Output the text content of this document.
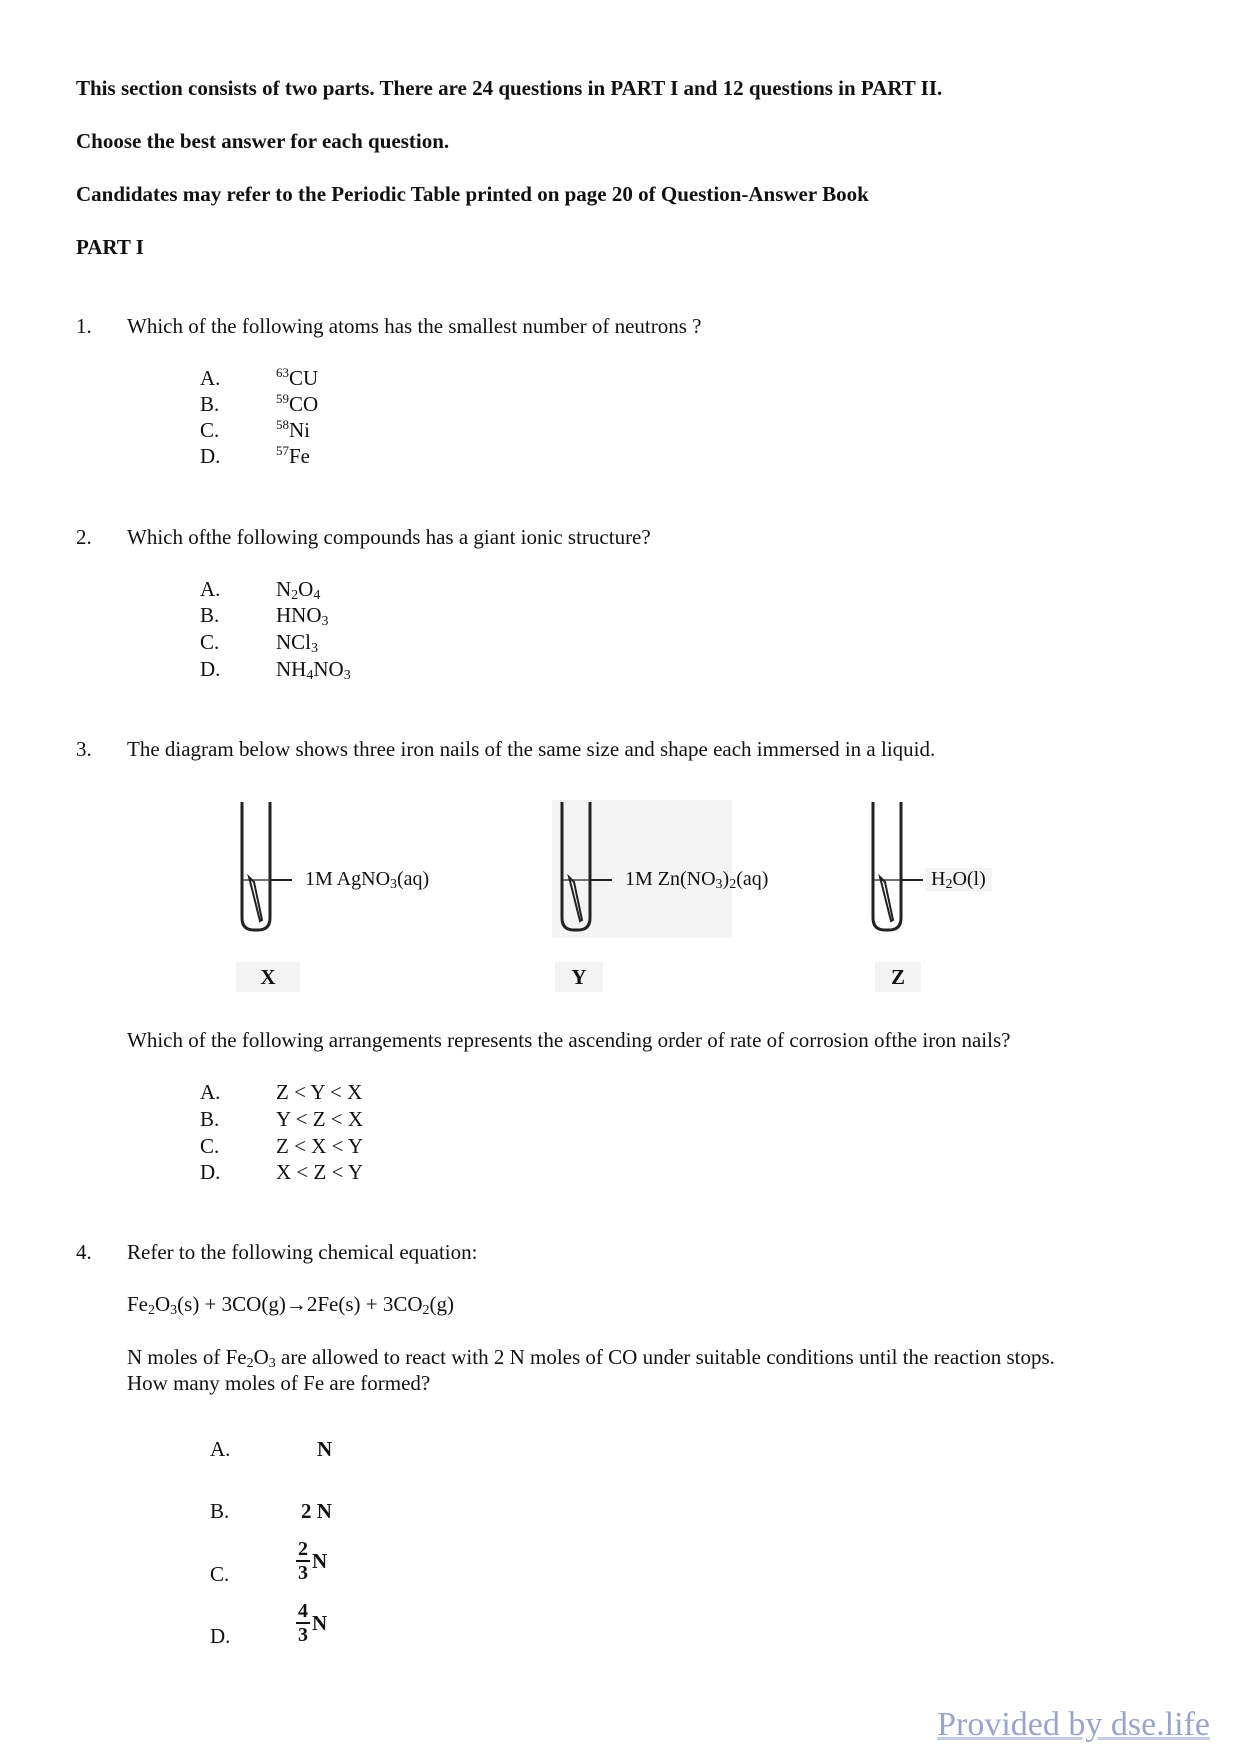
This section consists of two parts. There are 24 questions in PART I and 12 questions in PART II.
Choose the best answer for each question.
Candidates may refer to the Periodic Table printed on page 20 of Question-Answer Book
PART I
1. Which of the following atoms has the smallest number of neutrons ?
A.	$^{63}$CU
B.	$^{59}$CO
C.	$^{58}$Ni
D.	$^{57}$Fe
2. Which ofthe following compounds has a giant ionic structure?
A.	$N_2O_4$
B.	$HNO_3$
C.	NCl$_3$
D.	$NH_4NO_3$
3. The diagram below shows three iron nails of the same size and shape each immersed in a liquid.
1M AgNO$_3$(aq)	1M $Zn(NO_3)_2(aq)$	$H_2O(l)$
X	Y	Z
Which of the following arrangements represents the ascending order of rate of corrosion ofthe iron nails?
A.	Z < Y < X
B.	Y < Z < X
C.	Z < X < Y
D.	X < Z < Y
4. Refer to the following chemical equation:
$Fe_2O_3(s) + 3CO(g)\to 2Fe(s) + 3CO_2(g)$
N moles of $Fe_2O_3$ are allowed to react with 2 N moles of CO under suitable conditions until the reaction stops.
How many moles of Fe are formed?
A.	N
B.	2 N
C.	$\frac{2}{3}$ N
D.	$\frac{4}{3}$ N
Provided by dse.life
